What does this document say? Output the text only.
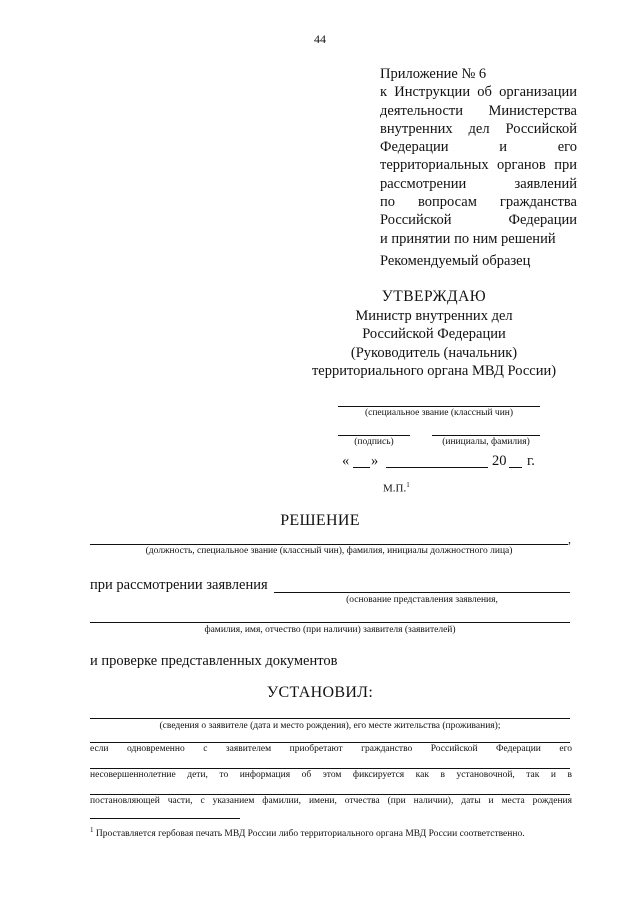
44
Приложение № 6
к Инструкции об организации
деятельности Министерства
внутренних дел Российской
Федерации и его
территориальных органов при
рассмотрении заявлений
по вопросам гражданства
Российской Федерации
и принятии по ним решений
Рекомендуемый образец
УТВЕРЖДАЮ
Министр внутренних дел
Российской Федерации
(Руководитель (начальник)
территориального органа МВД России)
(специальное звание (классный чин)
(подпись)	(инициалы, фамилия)
« »	20 г.
М.П.$^1$
РЕШЕНИЕ
,
(должность, специальное звание (классный чин), фамилия, инициалы должностного лица)
при рассмотрении заявления
(основание представления заявления,
фамилия, имя, отчество (при наличии) заявителя (заявителей)
и проверке представленных документов
УСТАНОВИЛ:
(сведения о заявителе (дата и место рождения), его месте жительства (проживания);
если одновременно с заявителем приобретают гражданство Российской Федерации его
несовершеннолетние дети, то информация об этом фиксируется как в установочной, так и в
постановляющей части, с указанием фамилии, имени, отчества (при наличии), даты и места рождения
$^1$ Проставляется гербовая печать МВД России либо территориального органа МВД России соответственно.
